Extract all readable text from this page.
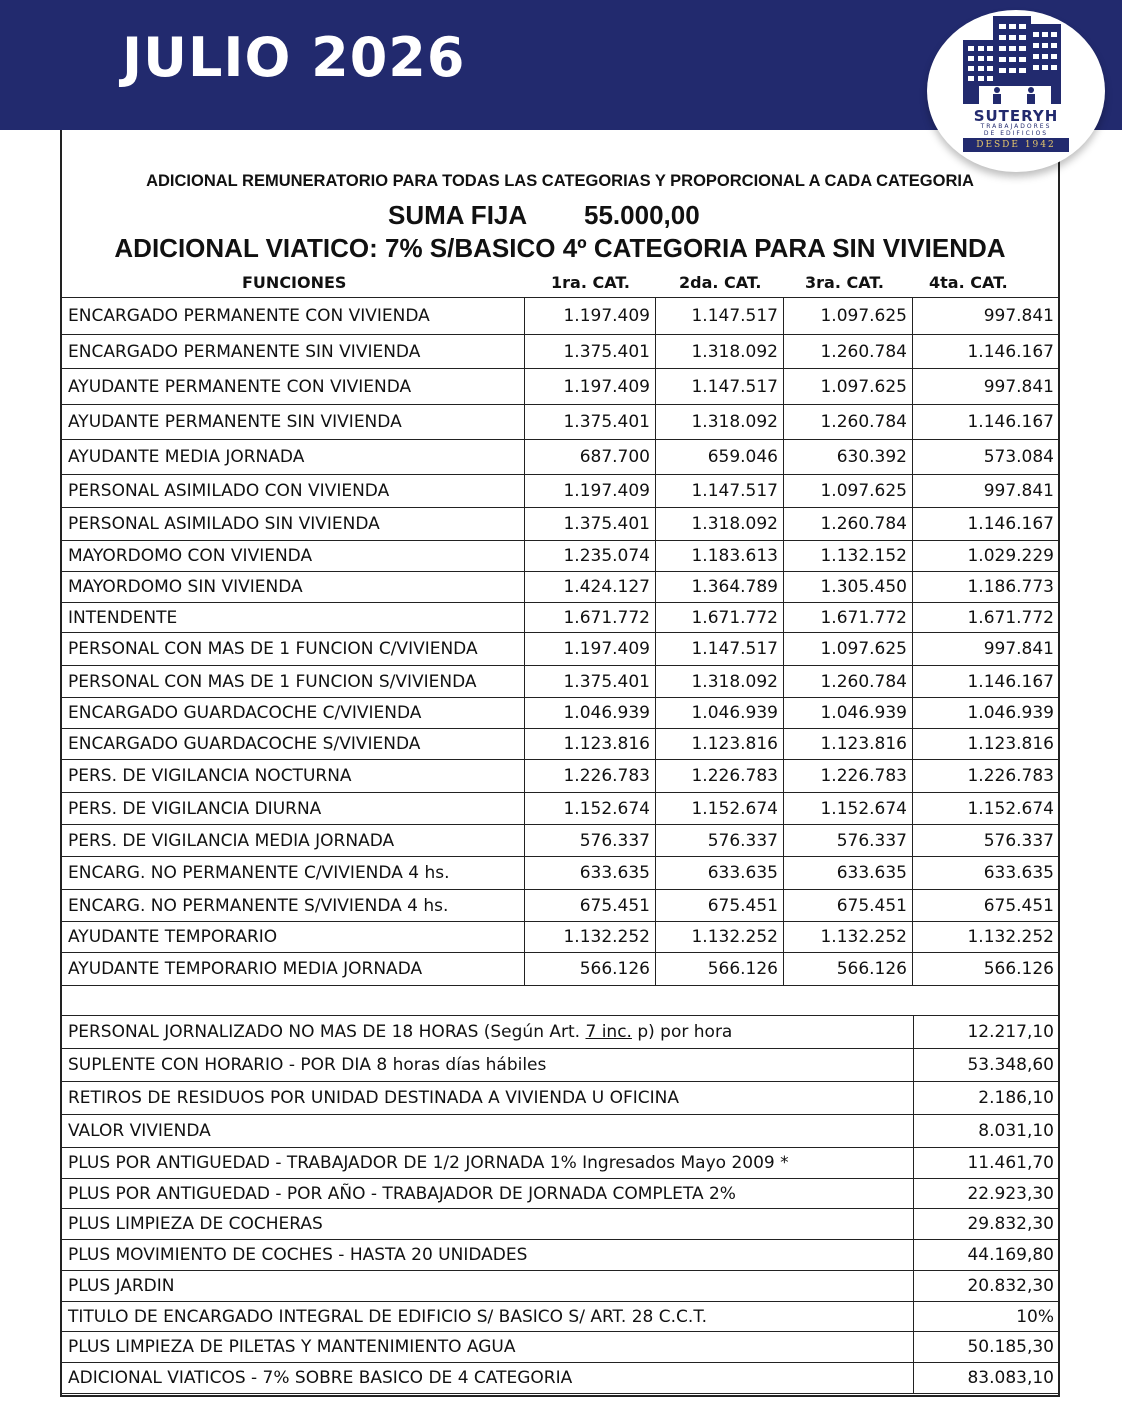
JULIO 2026
SUTERYH
TRABAJADORES
DE EDIFICIOS
DESDE 1942
ADICIONAL REMUNERATORIO PARA TODAS LAS CATEGORIAS Y PROPORCIONAL A CADA CATEGORIA
SUMA FIJA 55.000,00
ADICIONAL VIATICO: 7% S/BASICO 4º CATEGORIA PARA SIN VIVIENDA
FUNCIONES	1ra. CAT.	2da. CAT.	3ra. CAT.	4ta. CAT.
ENCARGADO PERMANENTE CON VIVIENDA	1.197.409	1.147.517	1.097.625	997.841
ENCARGADO PERMANENTE SIN VIVIENDA	1.375.401	1.318.092	1.260.784	1.146.167
AYUDANTE PERMANENTE CON VIVIENDA	1.197.409	1.147.517	1.097.625	997.841
AYUDANTE PERMANENTE SIN VIVIENDA	1.375.401	1.318.092	1.260.784	1.146.167
AYUDANTE MEDIA JORNADA	687.700	659.046	630.392	573.084
PERSONAL ASIMILADO CON VIVIENDA	1.197.409	1.147.517	1.097.625	997.841
PERSONAL ASIMILADO SIN VIVIENDA	1.375.401	1.318.092	1.260.784	1.146.167
MAYORDOMO CON VIVIENDA	1.235.074	1.183.613	1.132.152	1.029.229
MAYORDOMO SIN VIVIENDA	1.424.127	1.364.789	1.305.450	1.186.773
INTENDENTE	1.671.772	1.671.772	1.671.772	1.671.772
PERSONAL CON MAS DE 1 FUNCION C/VIVIENDA	1.197.409	1.147.517	1.097.625	997.841
PERSONAL CON MAS DE 1 FUNCION S/VIVIENDA	1.375.401	1.318.092	1.260.784	1.146.167
ENCARGADO GUARDACOCHE C/VIVIENDA	1.046.939	1.046.939	1.046.939	1.046.939
ENCARGADO GUARDACOCHE S/VIVIENDA	1.123.816	1.123.816	1.123.816	1.123.816
PERS. DE VIGILANCIA NOCTURNA	1.226.783	1.226.783	1.226.783	1.226.783
PERS. DE VIGILANCIA DIURNA	1.152.674	1.152.674	1.152.674	1.152.674
PERS. DE VIGILANCIA MEDIA JORNADA	576.337	576.337	576.337	576.337
ENCARG. NO PERMANENTE C/VIVIENDA 4 hs.	633.635	633.635	633.635	633.635
ENCARG. NO PERMANENTE S/VIVIENDA 4 hs.	675.451	675.451	675.451	675.451
AYUDANTE TEMPORARIO	1.132.252	1.132.252	1.132.252	1.132.252
AYUDANTE TEMPORARIO MEDIA JORNADA	566.126	566.126	566.126	566.126
PERSONAL JORNALIZADO NO MAS DE 18 HORAS (Según Art. 7 inc. p) por hora	12.217,10
SUPLENTE CON HORARIO - POR DIA 8 horas días hábiles	53.348,60
RETIROS DE RESIDUOS POR UNIDAD DESTINADA A VIVIENDA U OFICINA	2.186,10
VALOR VIVIENDA	8.031,10
PLUS POR ANTIGUEDAD - TRABAJADOR DE 1/2 JORNADA 1% Ingresados Mayo 2009 *	11.461,70
PLUS POR ANTIGUEDAD - POR AÑO - TRABAJADOR DE JORNADA COMPLETA 2%	22.923,30
PLUS LIMPIEZA DE COCHERAS	29.832,30
PLUS MOVIMIENTO DE COCHES - HASTA 20 UNIDADES	44.169,80
PLUS JARDIN	20.832,30
TITULO DE ENCARGADO INTEGRAL DE EDIFICIO S/ BASICO S/ ART. 28 C.C.T.	10%
PLUS LIMPIEZA DE PILETAS Y MANTENIMIENTO AGUA	50.185,30
ADICIONAL VIATICOS - 7% SOBRE BASICO DE 4 CATEGORIA	83.083,10
